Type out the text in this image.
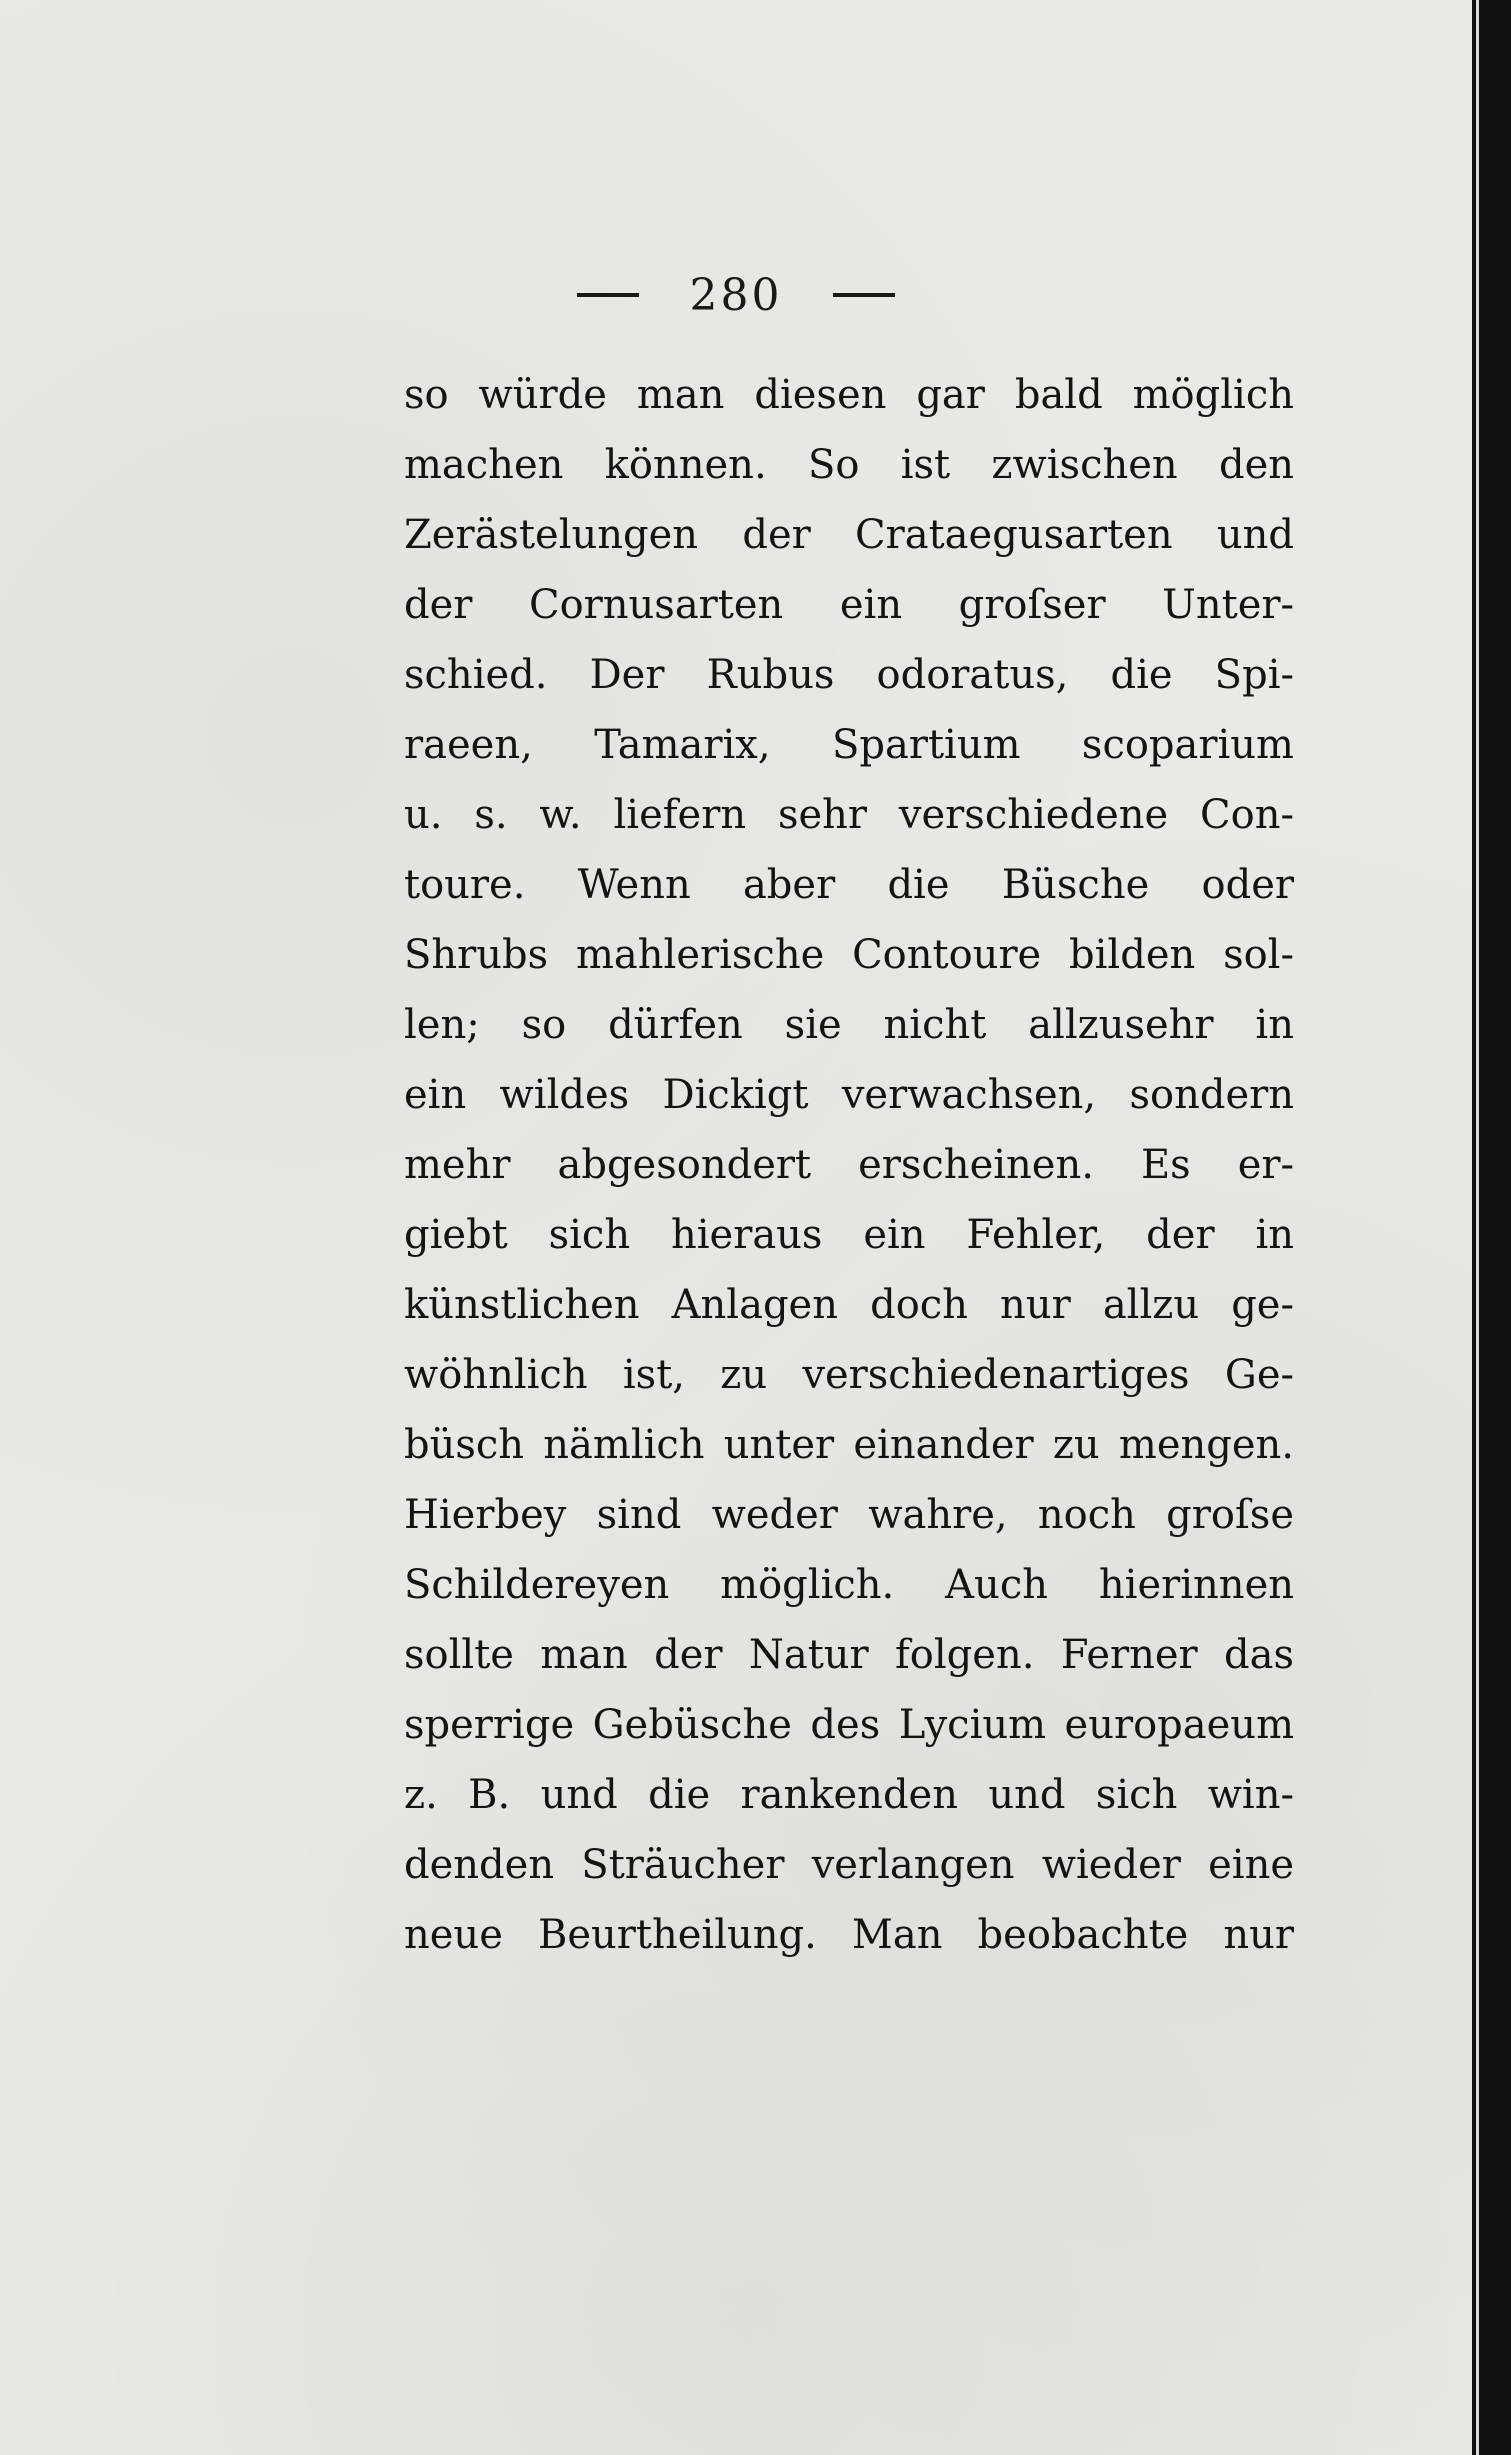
280
so würde man diesen gar bald möglich
machen können. So ist zwischen den
Zerästelungen der Crataegusarten und
der Cornusarten ein groſser Unter-
schied. Der Rubus odoratus, die Spi-
raeen, Tamarix, Spartium scoparium
u. s. w. liefern sehr verschiedene Con-
toure. Wenn aber die Büsche oder
Shrubs mahlerische Contoure bilden sol-
len; so dürfen sie nicht allzusehr in
ein wildes Dickigt verwachsen, sondern
mehr abgesondert erscheinen. Es er-
giebt sich hieraus ein Fehler, der in
künstlichen Anlagen doch nur allzu ge-
wöhnlich ist, zu verschiedenartiges Ge-
büsch nämlich unter einander zu mengen.
Hierbey sind weder wahre, noch groſse
Schildereyen möglich. Auch hierinnen
sollte man der Natur folgen. Ferner das
sperrige Gebüsche des Lycium europaeum
z. B. und die rankenden und sich win-
denden Sträucher verlangen wieder eine
neue Beurtheilung. Man beobachte nur
